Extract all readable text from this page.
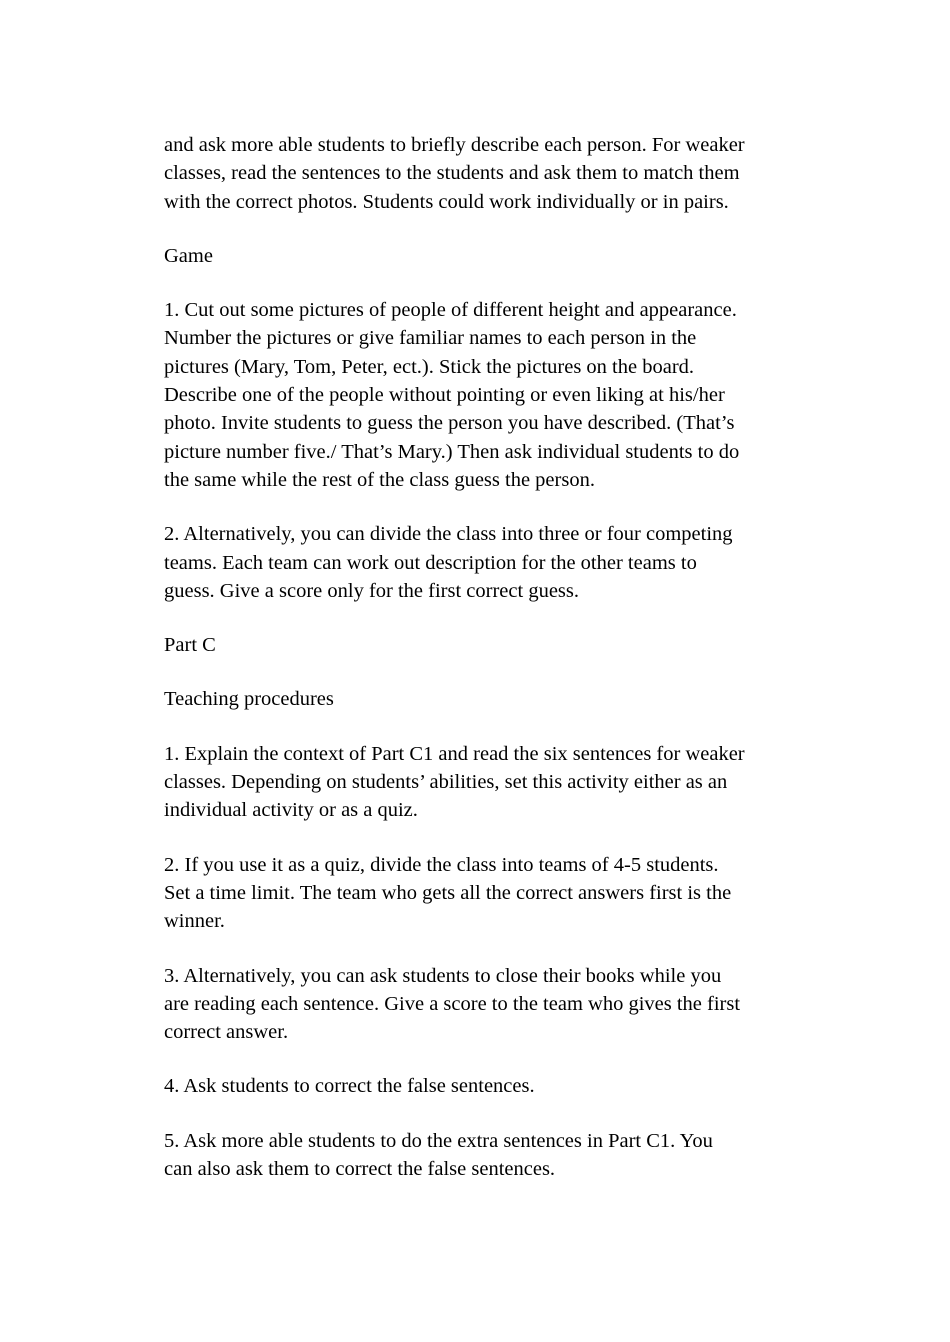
and ask more able students to briefly describe each person. For weaker
classes, read the sentences to the students and ask them to match them
with the correct photos. Students could work individually or in pairs.

Game

1. Cut out some pictures of people of different height and appearance.
Number the pictures or give familiar names to each person in the
pictures (Mary, Tom, Peter, ect.). Stick the pictures on the board.
Describe one of the people without pointing or even liking at his/her
photo. Invite students to guess the person you have described. (That’s
picture number five./ That’s Mary.) Then ask individual students to do
the same while the rest of the class guess the person.

2. Alternatively, you can divide the class into three or four competing
teams. Each team can work out description for the other teams to
guess. Give a score only for the first correct guess.

Part C

Teaching procedures

1. Explain the context of Part C1 and read the six sentences for weaker
classes. Depending on students’ abilities, set this activity either as an
individual activity or as a quiz.

2. If you use it as a quiz, divide the class into teams of 4-5 students.
Set a time limit. The team who gets all the correct answers first is the
winner.

3. Alternatively, you can ask students to close their books while you
are reading each sentence. Give a score to the team who gives the first
correct answer.

4. Ask students to correct the false sentences.

5. Ask more able students to do the extra sentences in Part C1. You
can also ask them to correct the false sentences.
